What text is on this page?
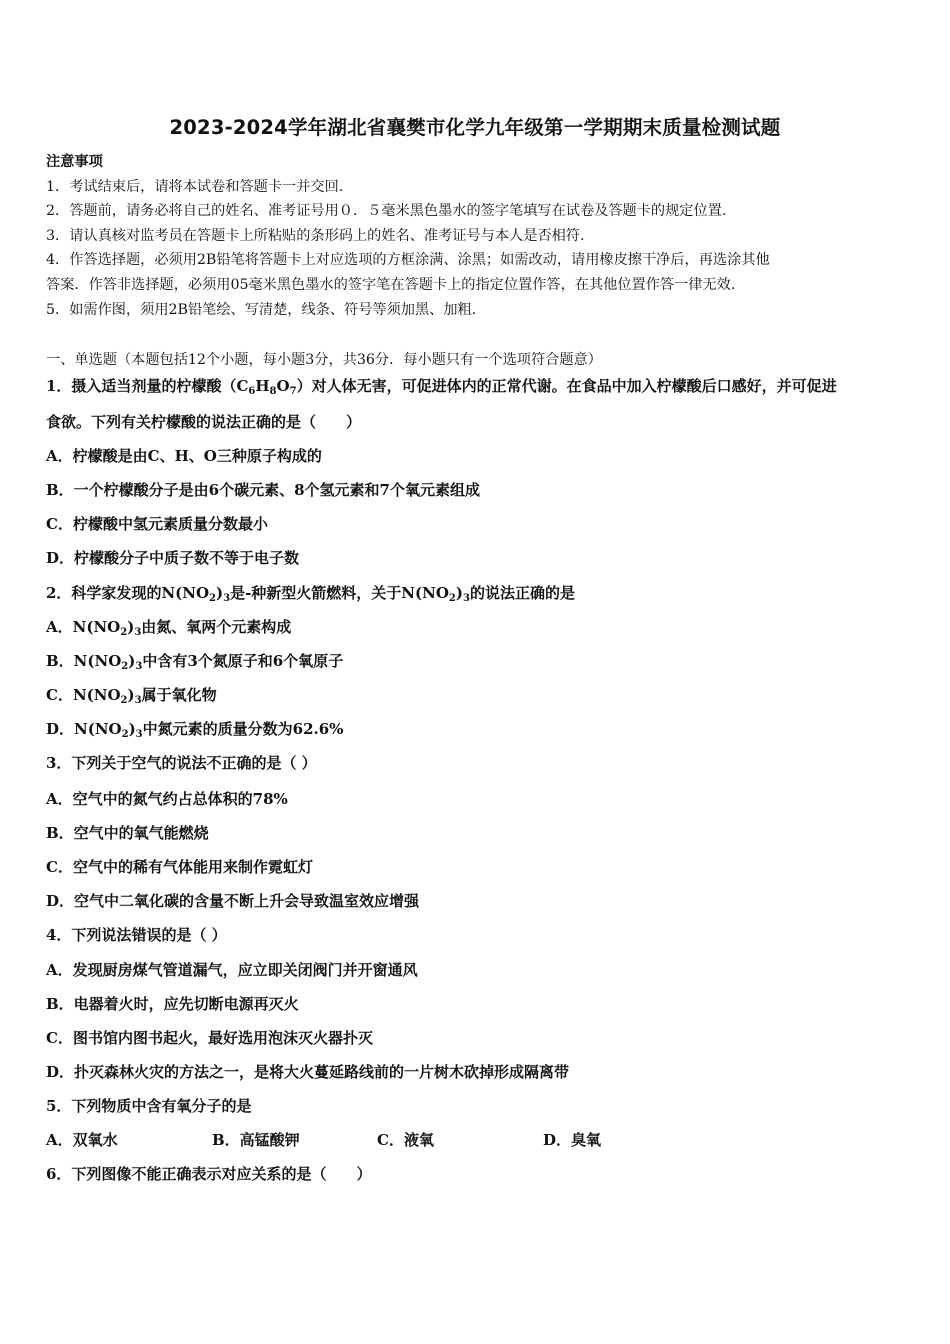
2023-2024学年湖北省襄樊市化学九年级第一学期期末质量检测试题
注意事项
1．考试结束后，请将本试卷和答题卡一并交回.
2．答题前，请务必将自己的姓名、准考证号用０．５毫米黑色墨水的签字笔填写在试卷及答题卡的规定位置.
3．请认真核对监考员在答题卡上所粘贴的条形码上的姓名、准考证号与本人是否相符.
4．作答选择题，必须用2B铅笔将答题卡上对应选项的方框涂满、涂黑；如需改动，请用橡皮擦干净后，再选涂其他
答案．作答非选择题，必须用05毫米黑色墨水的签字笔在答题卡上的指定位置作答，在其他位置作答一律无效.
5．如需作图，须用2B铅笔绘、写清楚，线条、符号等须加黑、加粗.
一、单选题（本题包括12个小题，每小题3分，共36分．每小题只有一个选项符合题意）
1．摄入适当剂量的柠檬酸$(C_6H_8O_7)$对人体无害，可促进体内的正常代谢。在食品中加入柠檬酸后口感好，并可促进
食欲。下列有关柠檬酸的说法正确的是（　　）
A．柠檬酸是由C、H、O三种原子构成的
B．一个柠檬酸分子是由6个碳元素、8个氢元素和7个氧元素组成
C．柠檬酸中氢元素质量分数最小
D．柠檬酸分子中质子数不等于电子数
2．科学家发现的$N(NO_2)_3$是-种新型火箭燃料，关于$N(NO_2)_3$的说法正确的是
A．$N(NO_2)_3$由氮、氧两个元素构成
B．$N(NO_2)_3$中含有3个氮原子和6个氧原子
C．$N(NO_2)_3$属于氧化物
D．$N(NO_2)_3$中氮元素的质量分数为62.6%
3．下列关于空气的说法不正确的是（ ）
A．空气中的氮气约占总体积的78%
B．空气中的氧气能燃烧
C．空气中的稀有气体能用来制作霓虹灯
D．空气中二氧化碳的含量不断上升会导致温室效应增强
4．下列说法错误的是（ ）
A．发现厨房煤气管道漏气，应立即关闭阀门并开窗通风
B．电器着火时，应先切断电源再灭火
C．图书馆内图书起火，最好选用泡沫灭火器扑灭
D．扑灭森林火灾的方法之一，是将大火蔓延路线前的一片树木砍掉形成隔离带
5．下列物质中含有氧分子的是
A．双氧水	B．高锰酸钾	C．液氧	D．臭氧
6．下列图像不能正确表示对应关系的是（　　）
